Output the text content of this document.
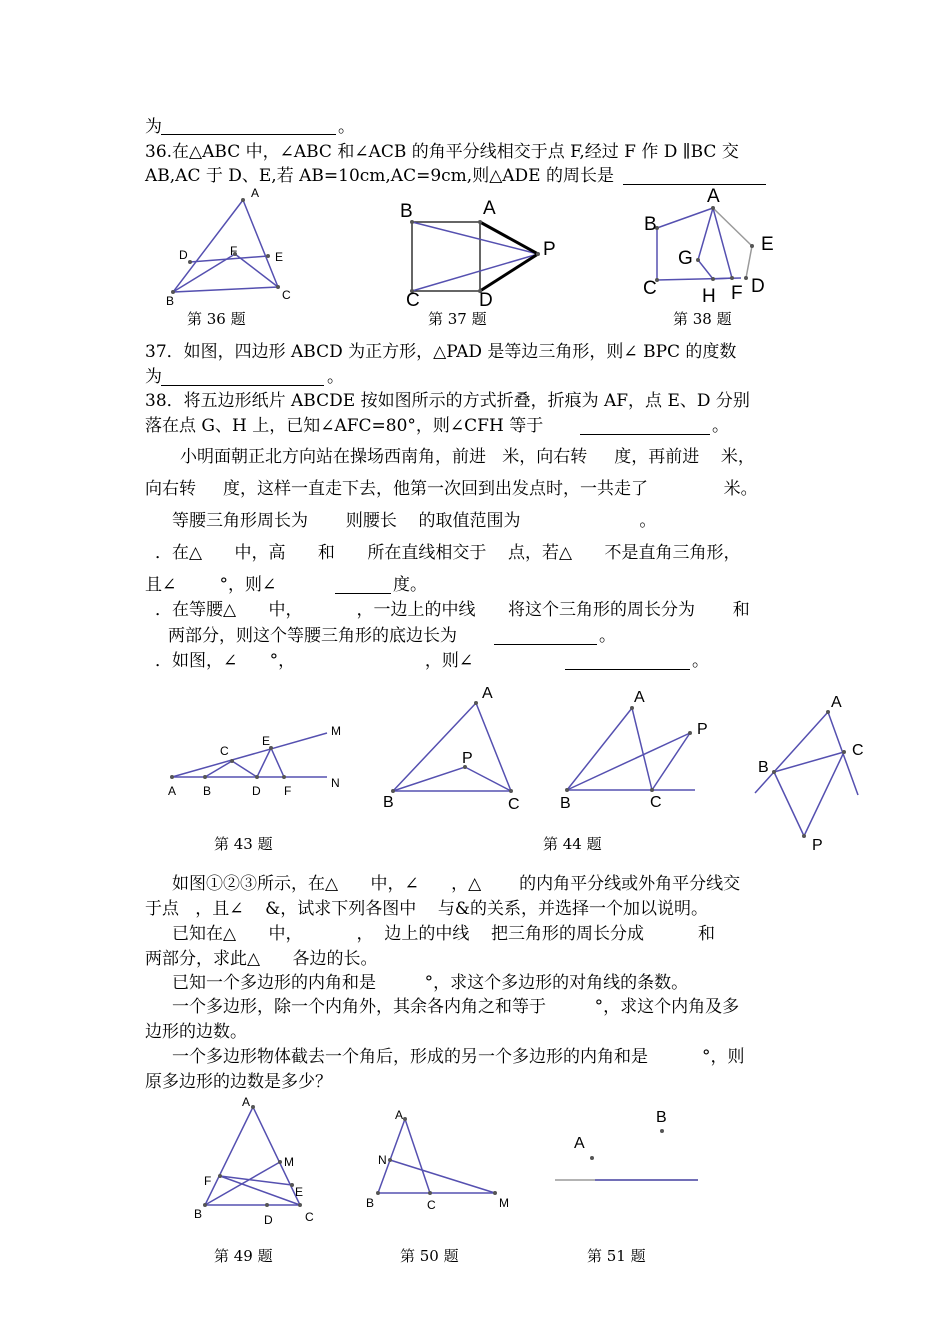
为	。
36.在△ABC 中，∠ABC 和∠ACB 的角平分线相交于点 F,经过 F 作 D ∥BC 交
AB,AC 于 D、E,若 AB=10cm,AC=9cm,则△ADE 的周长是
A
D	F	E
B	C
B	A
P
C	D
A
B
E
G
C H F D
第 36 题	第 37 题	第 38 题
37．如图，四边形 ABCD 为正方形，△PAD 是等边三角形，则∠ BPC 的度数
为	。
38．将五边形纸片 ABCDE 按如图所示的方式折叠，折痕为 AF，点 E、D 分别
落在点 G、H 上，已知∠AFC=80°，则∠CFH 等于	。
小明面朝正北方向站在操场西南角，前进   米，向右转     度，再前进    米，
向右转     度，这样一直走下去，他第一次回到出发点时，一共走了              米。
等腰三角形周长为       则腰长    的取值范围为                      。
．在△      中，高      和      所在直线相交于    点，若△      不是直角三角形，
且∠        °，则∠	度。
．在等腰△      中，          ，一边上的中线      将这个三角形的周长分为       和
两部分，则这个等腰三角形的底边长为	。
．如图，∠      °，                        ，则∠	。
M
E
C
A B	D F
N
A
P
B	C
A
P
B	C
A
C
B
P
第 43 题	第 44 题
如图①②③所示，在△      中，∠      ，△       的内角平分线或外角平分线交
于点   ，且∠    &，试求下列各图中    与&的关系，并选择一个加以说明。
已知在△      中，          ，  边上的中线    把三角形的周长分成          和
两部分，求此△      各边的长。
已知一个多边形的内角和是         °，求这个多边形的对角线的条数。
一个多边形，除一个内角外，其余各内角之和等于         °，求这个内角及多
边形的边数。
一个多边形物体截去一个角后，形成的另一个多边形的内角和是          °，则
原多边形的边数是多少？
A
M
F
E
B	D	C
A
N
B	C	M
B
A
第 49 题	第 50 题	第 51 题
